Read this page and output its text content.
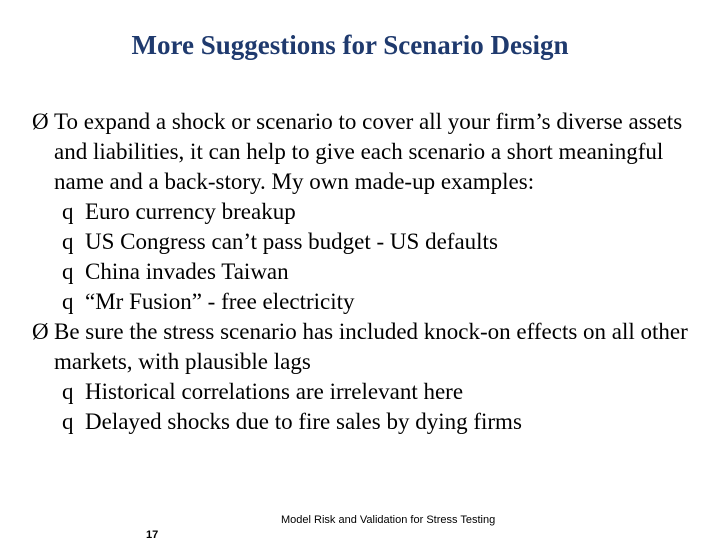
More Suggestions for Scenario Design
Ø To expand a shock or scenario to cover all your firm’s diverse assets and liabilities, it can help to give each scenario a short meaningful name and a back-story. My own made-up examples:
q Euro currency breakup
q US Congress can’t pass budget - US defaults
q China invades Taiwan
q “Mr Fusion” - free electricity
Ø Be sure the stress scenario has included knock-on effects on all other markets, with plausible lags
q Historical correlations are irrelevant here
q Delayed shocks due to fire sales by dying firms
Model Risk and Validation for Stress Testing
17
